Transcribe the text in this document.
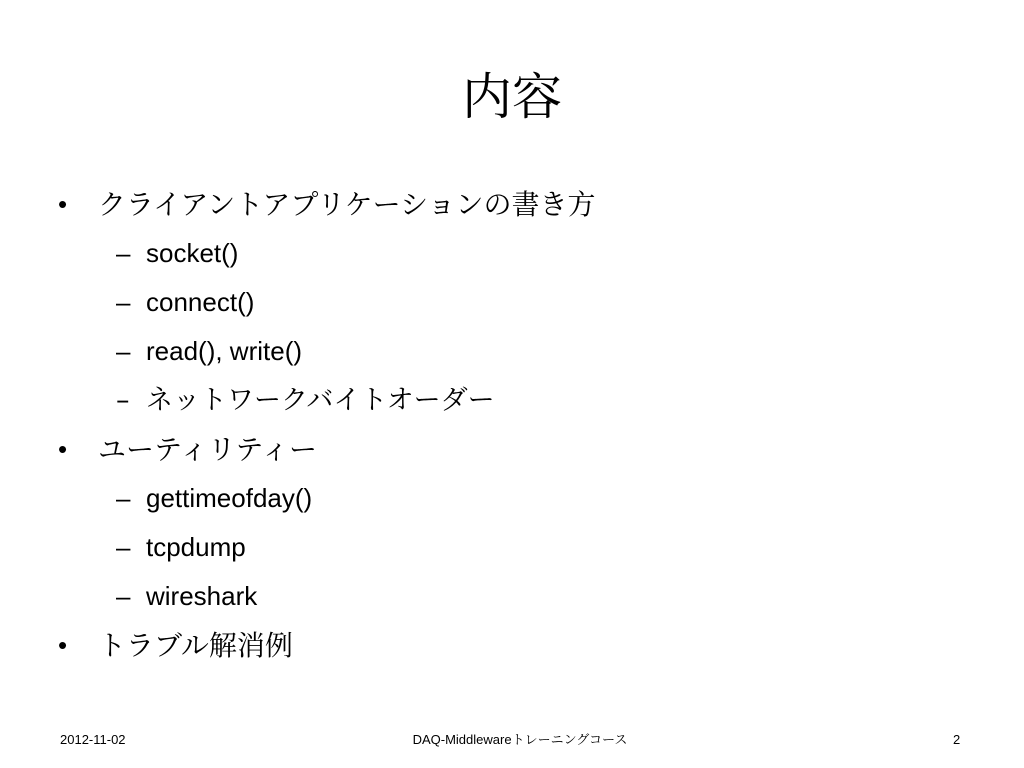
内容
•	クライアントアプリケーションの書き方
– socket()
– connect()
– read(), write()
– ネットワークバイトオーダー
•	ユーティリティー
– gettimeofday()
– tcpdump
– wireshark
•	トラブル解消例
2012-11-02	DAQ-Middlewareトレーニングコース	2
